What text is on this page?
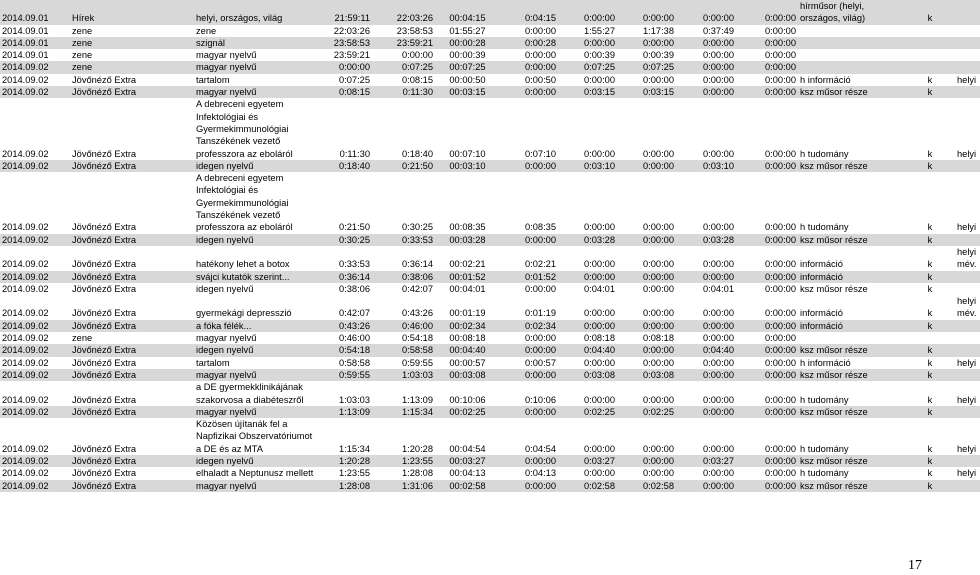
2014.09.01	Hírek	helyi, országos, világ	21:59:11	22:03:26	00:04:15	0:04:15	0:00:00	0:00:00	0:00:00	0:00:00	hírműsor (helyi, országos, világ)	k	
2014.09.01	zene	zene	22:03:26	23:58:53	01:55:27	0:00:00	1:55:27	1:17:38	0:37:49	0:00:00			
2014.09.01	zene	szignál	23:58:53	23:59:21	00:00:28	0:00:28	0:00:00	0:00:00	0:00:00	0:00:00			
2014.09.01	zene	magyar nyelvű	23:59:21	0:00:00	00:00:39	0:00:00	0:00:39	0:00:39	0:00:00	0:00:00			
2014.09.02	zene	magyar nyelvű	0:00:00	0:07:25	00:07:25	0:00:00	0:07:25	0:07:25	0:00:00	0:00:00			
2014.09.02	Jövőnéző Extra	tartalom	0:07:25	0:08:15	00:00:50	0:00:50	0:00:00	0:00:00	0:00:00	0:00:00	h információ	k	helyi
2014.09.02	Jövőnéző Extra	magyar nyelvű	0:08:15	0:11:30	00:03:15	0:00:00	0:03:15	0:03:15	0:00:00	0:00:00	ksz műsor része	k	
2014.09.02	Jövőnéző Extra	A debreceni egyetem Infektológiai és Gyermekimmunológiai Tanszékének vezető professzora az eboláról	0:11:30	0:18:40	00:07:10	0:07:10	0:00:00	0:00:00	0:00:00	0:00:00	h tudomány	k	helyi
2014.09.02	Jövőnéző Extra	idegen nyelvű	0:18:40	0:21:50	00:03:10	0:00:00	0:03:10	0:00:00	0:03:10	0:00:00	ksz műsor része	k	
2014.09.02	Jövőnéző Extra	A debreceni egyetem Infektológiai és Gyermekimmunológiai Tanszékének vezető professzora az eboláról	0:21:50	0:30:25	00:08:35	0:08:35	0:00:00	0:00:00	0:00:00	0:00:00	h tudomány	k	helyi
2014.09.02	Jövőnéző Extra	idegen nyelvű	0:30:25	0:33:53	00:03:28	0:00:00	0:03:28	0:00:00	0:03:28	0:00:00	ksz műsor része	k	
2014.09.02	Jövőnéző Extra	hatékony lehet a botox	0:33:53	0:36:14	00:02:21	0:02:21	0:00:00	0:00:00	0:00:00	0:00:00	információ	k	helyi mév.
2014.09.02	Jövőnéző Extra	svájci kutatók szerint...	0:36:14	0:38:06	00:01:52	0:01:52	0:00:00	0:00:00	0:00:00	0:00:00	információ	k	
2014.09.02	Jövőnéző Extra	idegen nyelvű	0:38:06	0:42:07	00:04:01	0:00:00	0:04:01	0:00:00	0:04:01	0:00:00	ksz műsor része	k	
2014.09.02	Jövőnéző Extra	gyermekági depresszió	0:42:07	0:43:26	00:01:19	0:01:19	0:00:00	0:00:00	0:00:00	0:00:00	információ	k	helyi mév.
2014.09.02	Jövőnéző Extra	a fóka félék...	0:43:26	0:46:00	00:02:34	0:02:34	0:00:00	0:00:00	0:00:00	0:00:00	információ	k	
2014.09.02	zene	magyar nyelvű	0:46:00	0:54:18	00:08:18	0:00:00	0:08:18	0:08:18	0:00:00	0:00:00			
2014.09.02	Jövőnéző Extra	idegen nyelvű	0:54:18	0:58:58	00:04:40	0:00:00	0:04:40	0:00:00	0:04:40	0:00:00	ksz műsor része	k	
2014.09.02	Jövőnéző Extra	tartalom	0:58:58	0:59:55	00:00:57	0:00:57	0:00:00	0:00:00	0:00:00	0:00:00	h információ	k	helyi
2014.09.02	Jövőnéző Extra	magyar nyelvű	0:59:55	1:03:03	00:03:08	0:00:00	0:03:08	0:03:08	0:00:00	0:00:00	ksz műsor része	k	
2014.09.02	Jövőnéző Extra	a DE gyermekklinikájának szakorvosa a diabéteszről	1:03:03	1:13:09	00:10:06	0:10:06	0:00:00	0:00:00	0:00:00	0:00:00	h tudomány	k	helyi
2014.09.02	Jövőnéző Extra	magyar nyelvű	1:13:09	1:15:34	00:02:25	0:00:00	0:02:25	0:02:25	0:00:00	0:00:00	ksz műsor része	k	
2014.09.02	Jövőnéző Extra	Közösen újítanák fel a Napfizikai Obszervatóriumot a DE és az MTA	1:15:34	1:20:28	00:04:54	0:04:54	0:00:00	0:00:00	0:00:00	0:00:00	h tudomány	k	helyi
2014.09.02	Jövőnéző Extra	idegen nyelvű	1:20:28	1:23:55	00:03:27	0:00:00	0:03:27	0:00:00	0:03:27	0:00:00	ksz műsor része	k	
2014.09.02	Jövőnéző Extra	elhaladt a Neptunusz mellett	1:23:55	1:28:08	00:04:13	0:04:13	0:00:00	0:00:00	0:00:00	0:00:00	h tudomány	k	helyi
2014.09.02	Jövőnéző Extra	magyar nyelvű	1:28:08	1:31:06	00:02:58	0:00:00	0:02:58	0:02:58	0:00:00	0:00:00	ksz műsor része	k	
17
